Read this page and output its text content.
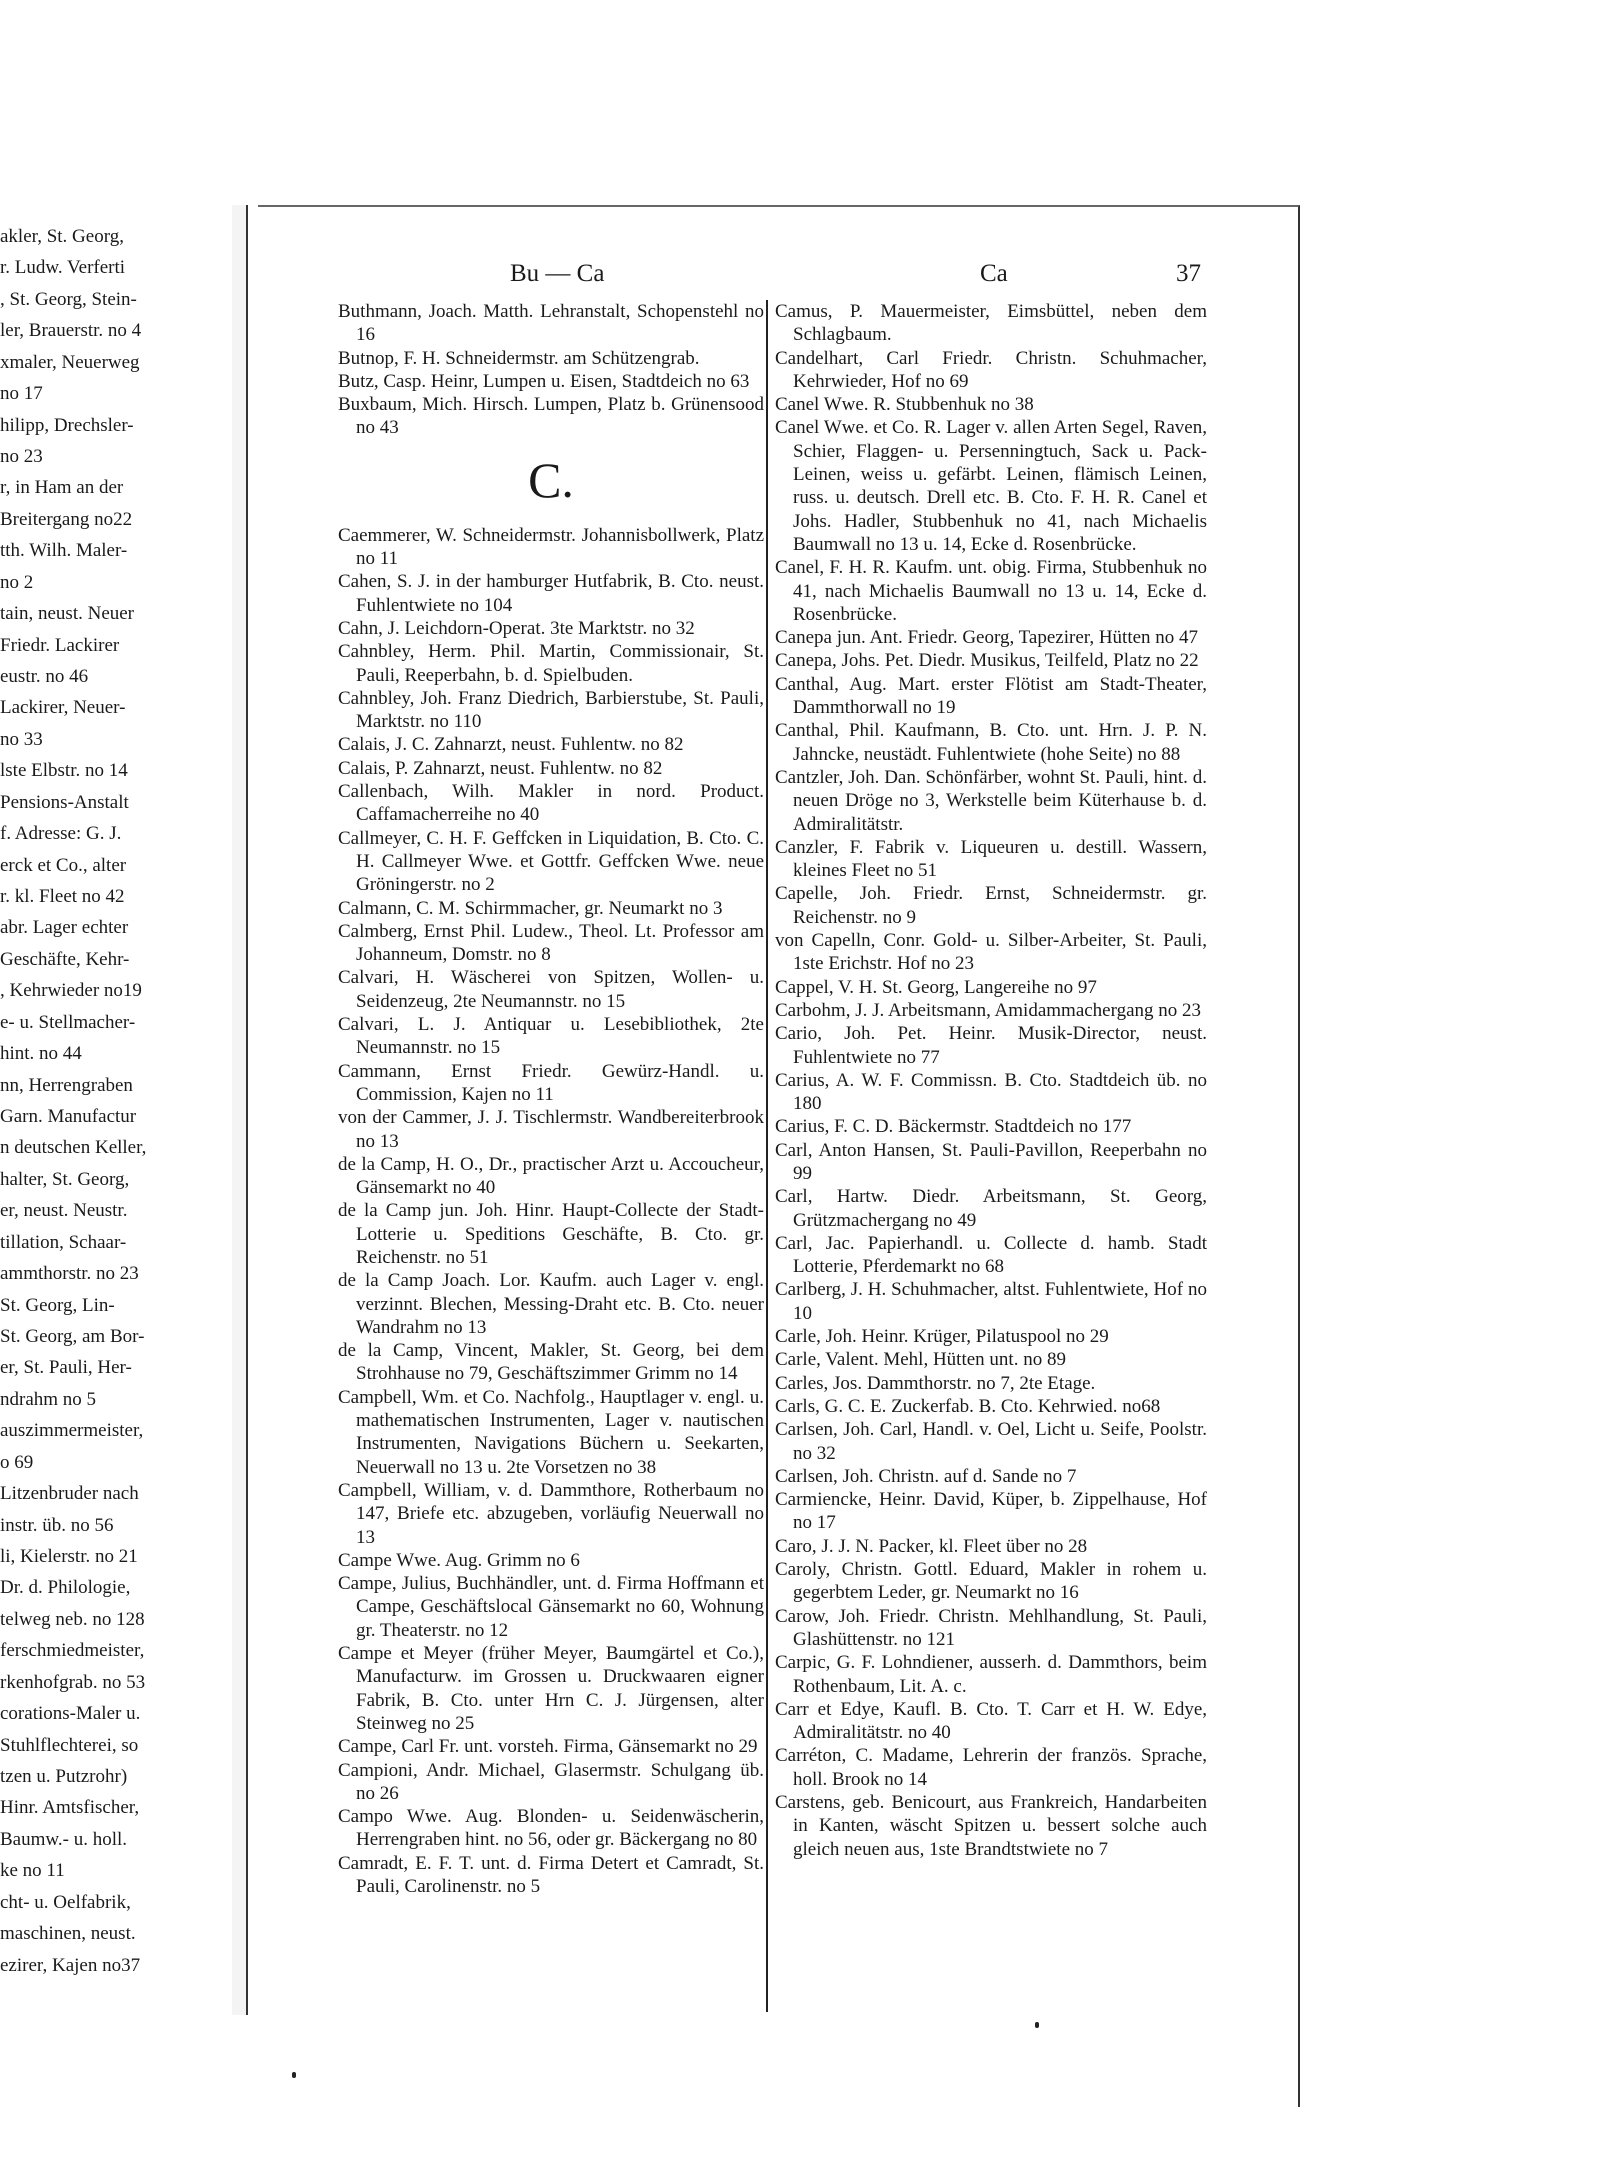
akler, St. Georg,
r. Ludw. Verferti
, St. Georg, Stein-
ler, Brauerstr. no 4
xmaler, Neuerweg
no 17
hilipp, Drechsler-
no 23
r, in Ham an der
Breitergang no22
tth. Wilh. Maler-
no 2
tain, neust. Neuer
Friedr. Lackirer
eustr. no 46
Lackirer, Neuer-
no 33
lste Elbstr. no 14
Pensions-Anstalt
f. Adresse: G. J.
erck et Co., alter
r. kl. Fleet no 42
abr. Lager echter
Geschäfte, Kehr-
, Kehrwieder no19
e- u. Stellmacher-
hint. no 44
nn, Herrengraben
Garn. Manufactur
n deutschen Keller,
halter, St. Georg,
er, neust. Neustr.
tillation, Schaar-
ammthorstr. no 23
St. Georg, Lin-
St. Georg, am Bor-
er, St. Pauli, Her-
ndrahm no 5
auszimmermeister,
o 69
Litzenbruder nach
instr. üb. no 56
li, Kielerstr. no 21
Dr. d. Philologie,
telweg neb. no 128
ferschmiedmeister,
rkenhofgrab. no 53
corations-Maler u.
Stuhlflechterei, so
tzen u. Putzrohr)
Hinr. Amtsfischer,
Baumw.- u. holl.
ke no 11
cht- u. Oelfabrik,
maschinen, neust.
ezirer, Kajen no37
Bu — Ca	Ca	37

Buthmann, Joach. Matth. Lehranstalt, Schopenstehl no 16

Butnop, F. H. Schneidermstr. am Schützengrab.

Butz, Casp. Heinr, Lumpen u. Eisen, Stadtdeich no 63

Buxbaum, Mich. Hirsch. Lumpen, Platz b. Grünensood no 43

C.

Caemmerer, W. Schneidermstr. Johannisbollwerk, Platz no 11

Cahen, S. J. in der hamburger Hutfabrik, B. Cto. neust. Fuhlentwiete no 104

Cahn, J. Leichdorn-Operat. 3te Marktstr. no 32

Cahnbley, Herm. Phil. Martin, Commissionair, St. Pauli, Reeperbahn, b. d. Spielbuden.

Cahnbley, Joh. Franz Diedrich, Barbierstube, St. Pauli, Marktstr. no 110

Calais, J. C. Zahnarzt, neust. Fuhlentw. no 82

Calais, P. Zahnarzt, neust. Fuhlentw. no 82

Callenbach, Wilh. Makler in nord. Product. Caffamacherreihe no 40

Callmeyer, C. H. F. Geffcken in Liquidation, B. Cto. C. H. Callmeyer Wwe. et Gottfr. Geffcken Wwe. neue Gröningerstr. no 2

Calmann, C. M. Schirmmacher, gr. Neumarkt no 3

Calmberg, Ernst Phil. Ludew., Theol. Lt. Professor am Johanneum, Domstr. no 8

Calvari, H. Wäscherei von Spitzen, Wollen- u. Seidenzeug, 2te Neumannstr. no 15

Calvari, L. J. Antiquar u. Lesebibliothek, 2te Neumannstr. no 15

Cammann, Ernst Friedr. Gewürz-Handl. u. Commission, Kajen no 11

von der Cammer, J. J. Tischlermstr. Wandbereiterbrook no 13

de la Camp, H. O., Dr., practischer Arzt u. Accoucheur, Gänsemarkt no 40

de la Camp jun. Joh. Hinr. Haupt-Collecte der Stadt-Lotterie u. Speditions Geschäfte, B. Cto. gr. Reichenstr. no 51

de la Camp Joach. Lor. Kaufm. auch Lager v. engl. verzinnt. Blechen, Messing-Draht etc. B. Cto. neuer Wandrahm no 13

de la Camp, Vincent, Makler, St. Georg, bei dem Strohhause no 79, Geschäftszimmer Grimm no 14

Campbell, Wm. et Co. Nachfolg., Hauptlager v. engl. u. mathematischen Instrumenten, Lager v. nautischen Instrumenten, Navigations Büchern u. Seekarten, Neuerwall no 13 u. 2te Vorsetzen no 38

Campbell, William, v. d. Dammthore, Rotherbaum no 147, Briefe etc. abzugeben, vorläufig Neuerwall no 13

Campe Wwe. Aug. Grimm no 6

Campe, Julius, Buchhändler, unt. d. Firma Hoffmann et Campe, Geschäftslocal Gänsemarkt no 60, Wohnung gr. Theaterstr. no 12

Campe et Meyer (früher Meyer, Baumgärtel et Co.), Manufacturw. im Grossen u. Druckwaaren eigner Fabrik, B. Cto. unter Hrn C. J. Jürgensen, alter Steinweg no 25

Campe, Carl Fr. unt. vorsteh. Firma, Gänsemarkt no 29

Campioni, Andr. Michael, Glasermstr. Schulgang üb. no 26

Campo Wwe. Aug. Blonden- u. Seidenwäscherin, Herrengraben hint. no 56, oder gr. Bäckergang no 80

Camradt, E. F. T. unt. d. Firma Detert et Camradt, St. Pauli, Carolinenstr. no 5

Camus, P. Mauermeister, Eimsbüttel, neben dem Schlagbaum.

Candelhart, Carl Friedr. Christn. Schuhmacher, Kehrwieder, Hof no 69

Canel Wwe. R. Stubbenhuk no 38

Canel Wwe. et Co. R. Lager v. allen Arten Segel, Raven, Schier, Flaggen- u. Persenningtuch, Sack u. Pack-Leinen, weiss u. gefärbt. Leinen, flämisch Leinen, russ. u. deutsch. Drell etc. B. Cto. F. H. R. Canel et Johs. Hadler, Stubbenhuk no 41, nach Michaelis Baumwall no 13 u. 14, Ecke d. Rosenbrücke.

Canel, F. H. R. Kaufm. unt. obig. Firma, Stubbenhuk no 41, nach Michaelis Baumwall no 13 u. 14, Ecke d. Rosenbrücke.

Canepa jun. Ant. Friedr. Georg, Tapezirer, Hütten no 47

Canepa, Johs. Pet. Diedr. Musikus, Teilfeld, Platz no 22

Canthal, Aug. Mart. erster Flötist am Stadt-Theater, Dammthorwall no 19

Canthal, Phil. Kaufmann, B. Cto. unt. Hrn. J. P. N. Jahncke, neustädt. Fuhlentwiete (hohe Seite) no 88

Cantzler, Joh. Dan. Schönfärber, wohnt St. Pauli, hint. d. neuen Dröge no 3, Werkstelle beim Küterhause b. d. Admiralitätstr.

Canzler, F. Fabrik v. Liqueuren u. destill. Wassern, kleines Fleet no 51

Capelle, Joh. Friedr. Ernst, Schneidermstr. gr. Reichenstr. no 9

von Capelln, Conr. Gold- u. Silber-Arbeiter, St. Pauli, 1ste Erichstr. Hof no 23

Cappel, V. H. St. Georg, Langereihe no 97

Carbohm, J. J. Arbeitsmann, Amidammachergang no 23

Cario, Joh. Pet. Heinr. Musik-Director, neust. Fuhlentwiete no 77

Carius, A. W. F. Commissn. B. Cto. Stadtdeich üb. no 180

Carius, F. C. D. Bäckermstr. Stadtdeich no 177

Carl, Anton Hansen, St. Pauli-Pavillon, Reeperbahn no 99

Carl, Hartw. Diedr. Arbeitsmann, St. Georg, Grützmachergang no 49

Carl, Jac. Papierhandl. u. Collecte d. hamb. Stadt Lotterie, Pferdemarkt no 68

Carlberg, J. H. Schuhmacher, altst. Fuhlentwiete, Hof no 10

Carle, Joh. Heinr. Krüger, Pilatuspool no 29

Carle, Valent. Mehl, Hütten unt. no 89

Carles, Jos. Dammthorstr. no 7, 2te Etage.

Carls, G. C. E. Zuckerfab. B. Cto. Kehrwied. no68

Carlsen, Joh. Carl, Handl. v. Oel, Licht u. Seife, Poolstr. no 32

Carlsen, Joh. Christn. auf d. Sande no 7

Carmiencke, Heinr. David, Küper, b. Zippelhause, Hof no 17

Caro, J. J. N. Packer, kl. Fleet über no 28

Caroly, Christn. Gottl. Eduard, Makler in rohem u. gegerbtem Leder, gr. Neumarkt no 16

Carow, Joh. Friedr. Christn. Mehlhandlung, St. Pauli, Glashüttenstr. no 121

Carpic, G. F. Lohndiener, ausserh. d. Dammthors, beim Rothenbaum, Lit. A. c.

Carr et Edye, Kaufl. B. Cto. T. Carr et H. W. Edye, Admiralitätstr. no 40

Carréton, C. Madame, Lehrerin der französ. Sprache, holl. Brook no 14

Carstens, geb. Benicourt, aus Frankreich, Handarbeiten in Kanten, wäscht Spitzen u. bessert solche auch gleich neuen aus, 1ste Brandtstwiete no 7
